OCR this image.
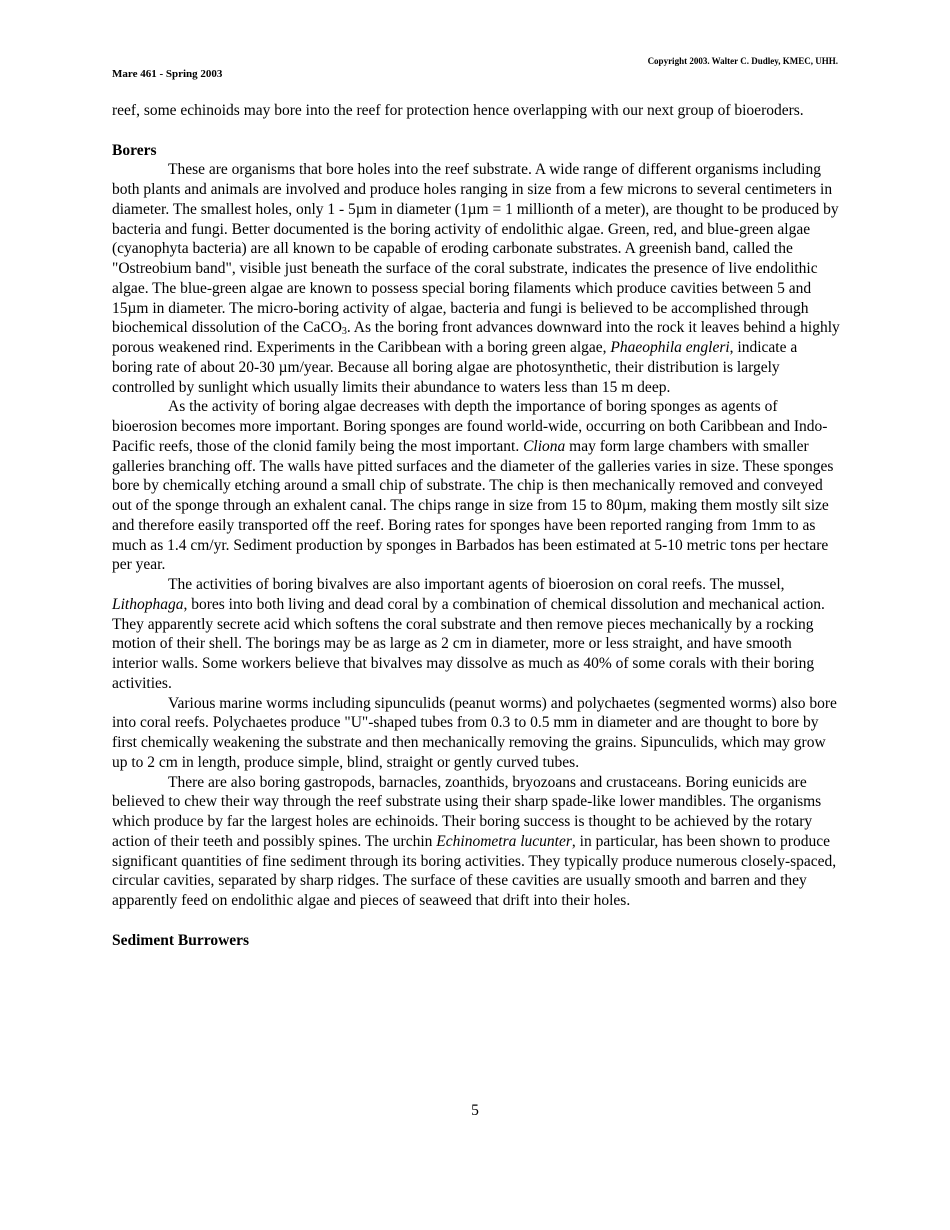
Copyright 2003. Walter C. Dudley, KMEC, UHH.
Mare 461 - Spring 2003

reef, some echinoids may bore into the reef for protection hence overlapping with our next group of bioeroders.

Borers

These are organisms that bore holes into the reef substrate. A wide range of different organisms including both plants and animals are involved and produce holes ranging in size from a few microns to several centimeters in diameter. The smallest holes, only 1 - 5µm in diameter (1µm = 1 millionth of a meter), are thought to be produced by bacteria and fungi. Better documented is the boring activity of endolithic algae. Green, red, and blue-green algae (cyanophyta bacteria) are all known to be capable of eroding carbonate substrates. A greenish band, called the "Ostreobium band", visible just beneath the surface of the coral substrate, indicates the presence of live endolithic algae. The blue-green algae are known to possess special boring filaments which produce cavities between 5 and 15µm in diameter. The micro-boring activity of algae, bacteria and fungi is believed to be accomplished through biochemical dissolution of the CaCO$_3$. As the boring front advances downward into the rock it leaves behind a highly porous weakened rind. Experiments in the Caribbean with a boring green algae, Phaeophila engleri, indicate a boring rate of about 20-30 µm/year. Because all boring algae are photosynthetic, their distribution is largely controlled by sunlight which usually limits their abundance to waters less than 15 m deep.

As the activity of boring algae decreases with depth the importance of boring sponges as agents of bioerosion becomes more important. Boring sponges are found world-wide, occurring on both Caribbean and Indo-Pacific reefs, those of the clonid family being the most important. Cliona may form large chambers with smaller galleries branching off. The walls have pitted surfaces and the diameter of the galleries varies in size. These sponges bore by chemically etching around a small chip of substrate. The chip is then mechanically removed and conveyed out of the sponge through an exhalent canal. The chips range in size from 15 to 80µm, making them mostly silt size and therefore easily transported off the reef. Boring rates for sponges have been reported ranging from 1mm to as much as 1.4 cm/yr. Sediment production by sponges in Barbados has been estimated at 5-10 metric tons per hectare per year.

The activities of boring bivalves are also important agents of bioerosion on coral reefs. The mussel, Lithophaga, bores into both living and dead coral by a combination of chemical dissolution and mechanical action. They apparently secrete acid which softens the coral substrate and then remove pieces mechanically by a rocking motion of their shell. The borings may be as large as 2 cm in diameter, more or less straight, and have smooth interior walls. Some workers believe that bivalves may dissolve as much as 40% of some corals with their boring activities.

Various marine worms including sipunculids (peanut worms) and polychaetes (segmented worms) also bore into coral reefs. Polychaetes produce "U"-shaped tubes from 0.3 to 0.5 mm in diameter and are thought to bore by first chemically weakening the substrate and then mechanically removing the grains. Sipunculids, which may grow up to 2 cm in length, produce simple, blind, straight or gently curved tubes.

There are also boring gastropods, barnacles, zoanthids, bryozoans and crustaceans. Boring eunicids are believed to chew their way through the reef substrate using their sharp spade-like lower mandibles. The organisms which produce by far the largest holes are echinoids. Their boring success is thought to be achieved by the rotary action of their teeth and possibly spines. The urchin Echinometra lucunter, in particular, has been shown to produce significant quantities of fine sediment through its boring activities. They typically produce numerous closely-spaced, circular cavities, separated by sharp ridges. The surface of these cavities are usually smooth and barren and they apparently feed on endolithic algae and pieces of seaweed that drift into their holes.

Sediment Burrowers
5
